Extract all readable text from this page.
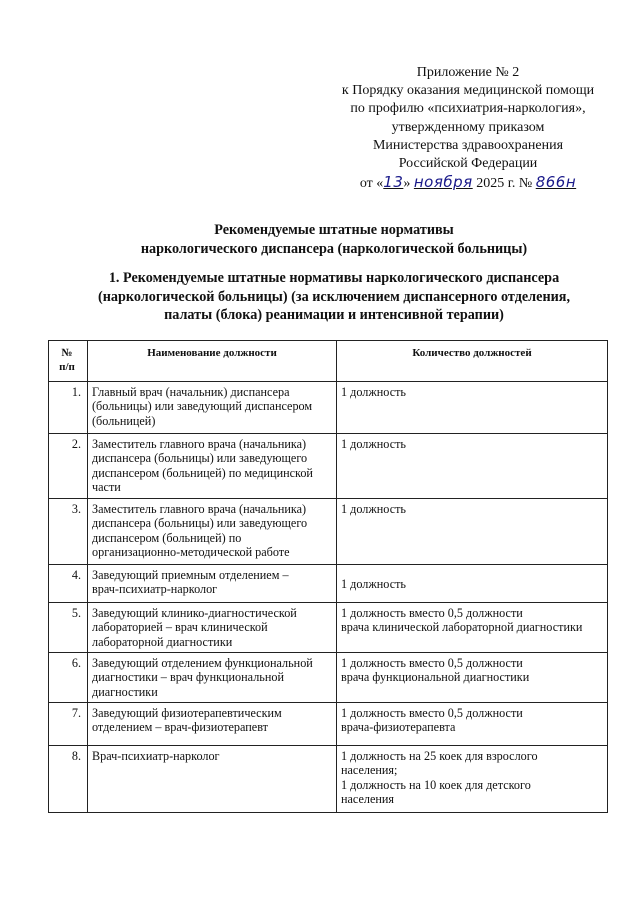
Приложение № 2
к Порядку оказания медицинской помощи
по профилю «психиатрия-наркология»,
утвержденному приказом
Министерства здравоохранения
Российской Федерации
от «13» ноября 2025 г. № 866н
Рекомендуемые штатные нормативы
наркологического диспансера (наркологической больницы)
1. Рекомендуемые штатные нормативы наркологического диспансера
(наркологической больницы) (за исключением диспансерного отделения,
палаты (блока) реанимации и интенсивной терапии)
№
п/п	Наименование должности	Количество должностей
1.	Главный врач (начальник) диспансера
(больницы) или заведующий диспансером
(больницей)	1 должность

2.	Заместитель главного врача (начальника)
диспансера (больницы) или заведующего
диспансером (больницей) по медицинской
части	1 должность

3.	Заместитель главного врача (начальника)
диспансера (больницы) или заведующего
диспансером (больницей) по
организационно-методической работе	1 должность

4.	Заведующий приемным отделением –
врач-психиатр-нарколог	1 должность

5.	Заведующий клинико-диагностической
лабораторией – врач клинической
лабораторной диагностики	1 должность вместо 0,5 должности
врача клинической лабораторной диагностики

6.	Заведующий отделением функциональной
диагностики – врач функциональной
диагностики	1 должность вместо 0,5 должности
врача функциональной диагностики

7.	Заведующий физиотерапевтическим
отделением – врач-физиотерапевт	1 должность вместо 0,5 должности
врача-физиотерапевта

8.	Врач-психиатр-нарколог	1 должность на 25 коек для взрослого
населения;
1 должность на 10 коек для детского
населения
